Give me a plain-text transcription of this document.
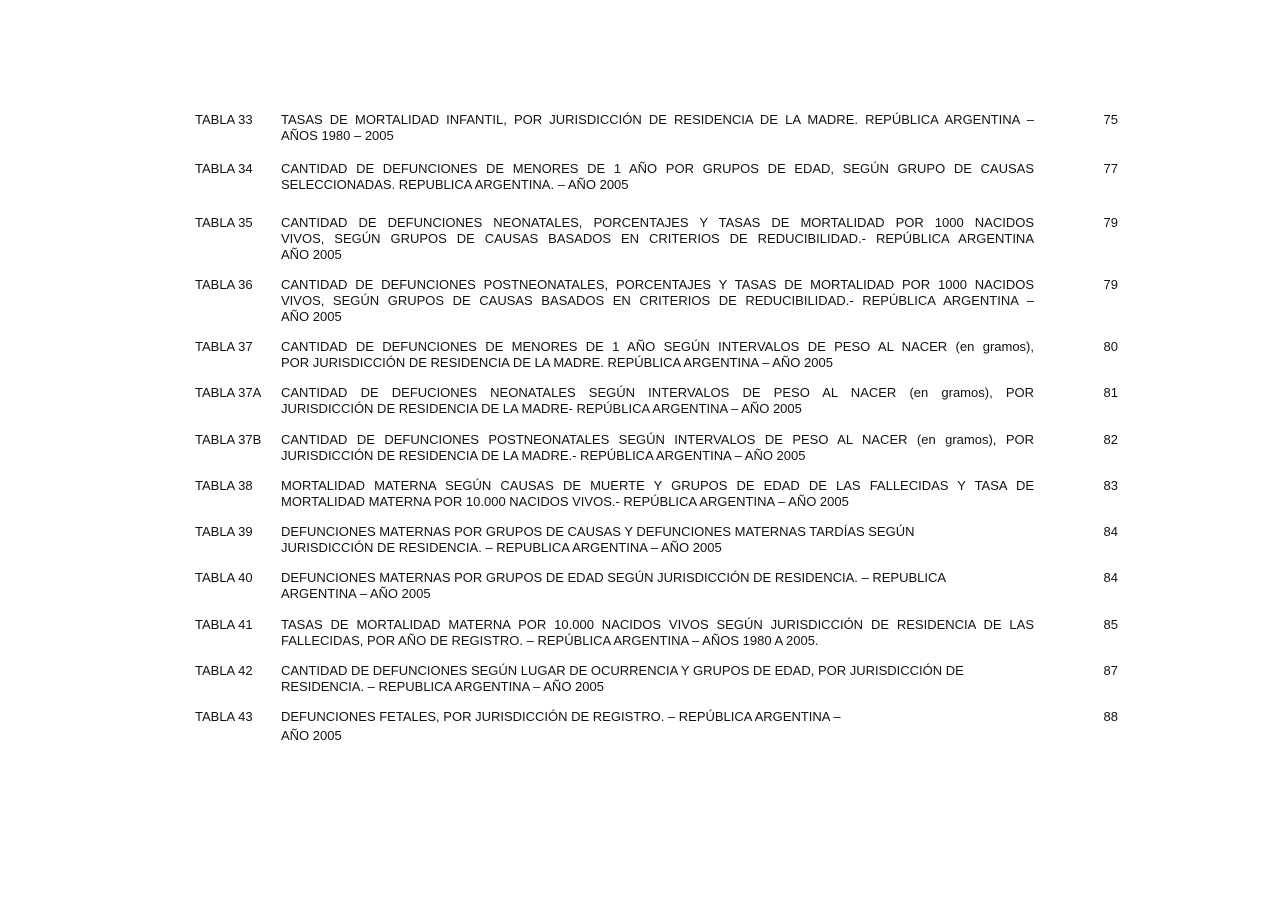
TABLA 33 TASAS DE MORTALIDAD INFANTIL, POR JURISDICCIÓN DE RESIDENCIA DE LA MADRE. REPÚBLICA ARGENTINA –
AÑOS 1980 – 2005
75
TABLA 34 CANTIDAD DE DEFUNCIONES DE MENORES DE 1 AÑO POR GRUPOS DE EDAD, SEGÚN GRUPO DE CAUSAS
SELECCIONADAS. REPUBLICA ARGENTINA. – AÑO 2005
77
TABLA 35 CANTIDAD DE DEFUNCIONES NEONATALES, PORCENTAJES Y TASAS DE MORTALIDAD POR 1000 NACIDOS
VIVOS, SEGÚN GRUPOS DE CAUSAS BASADOS EN CRITERIOS DE REDUCIBILIDAD.- REPÚBLICA ARGENTINA
AÑO 2005
79
TABLA 36 CANTIDAD DE DEFUNCIONES POSTNEONATALES, PORCENTAJES Y TASAS DE MORTALIDAD POR 1000 NACIDOS
VIVOS, SEGÚN GRUPOS DE CAUSAS BASADOS EN CRITERIOS DE REDUCIBILIDAD.- REPÚBLICA ARGENTINA –
AÑO 2005
79
TABLA 37 CANTIDAD DE DEFUNCIONES DE MENORES DE 1 AÑO SEGÚN INTERVALOS DE PESO AL NACER (en gramos),
POR JURISDICCIÓN DE RESIDENCIA DE LA MADRE. REPÚBLICA ARGENTINA – AÑO 2005
80
TABLA 37A CANTIDAD DE DEFUCIONES NEONATALES SEGÚN INTERVALOS DE PESO AL NACER (en gramos), POR
JURISDICCIÓN DE RESIDENCIA DE LA MADRE- REPÚBLICA ARGENTINA – AÑO 2005
81
TABLA 37B CANTIDAD DE DEFUNCIONES POSTNEONATALES SEGÚN INTERVALOS DE PESO AL NACER (en gramos), POR
JURISDICCIÓN DE RESIDENCIA DE LA MADRE.- REPÚBLICA ARGENTINA – AÑO 2005
82
TABLA 38 MORTALIDAD MATERNA SEGÚN CAUSAS DE MUERTE Y GRUPOS DE EDAD DE LAS FALLECIDAS Y TASA DE
MORTALIDAD MATERNA POR 10.000 NACIDOS VIVOS.- REPÚBLICA ARGENTINA – AÑO 2005
83
TABLA 39 DEFUNCIONES MATERNAS POR GRUPOS DE CAUSAS Y DEFUNCIONES MATERNAS TARDÍAS SEGÚN
JURISDICCIÓN DE RESIDENCIA. – REPUBLICA ARGENTINA – AÑO 2005
84
TABLA 40 DEFUNCIONES MATERNAS POR GRUPOS DE EDAD SEGÚN JURISDICCIÓN DE RESIDENCIA. – REPUBLICA
ARGENTINA – AÑO 2005
84
TABLA 41 TASAS DE MORTALIDAD MATERNA POR 10.000 NACIDOS VIVOS SEGÚN JURISDICCIÓN DE RESIDENCIA DE LAS
FALLECIDAS, POR AÑO DE REGISTRO. – REPÚBLICA ARGENTINA – AÑOS 1980 A 2005.
85
TABLA 42 CANTIDAD DE DEFUNCIONES SEGÚN LUGAR DE OCURRENCIA Y GRUPOS DE EDAD, POR JURISDICCIÓN DE
RESIDENCIA. – REPUBLICA ARGENTINA – AÑO 2005
87
TABLA 43 DEFUNCIONES FETALES, POR JURISDICCIÓN DE REGISTRO. – REPÚBLICA ARGENTINA –
AÑO 2005
88
